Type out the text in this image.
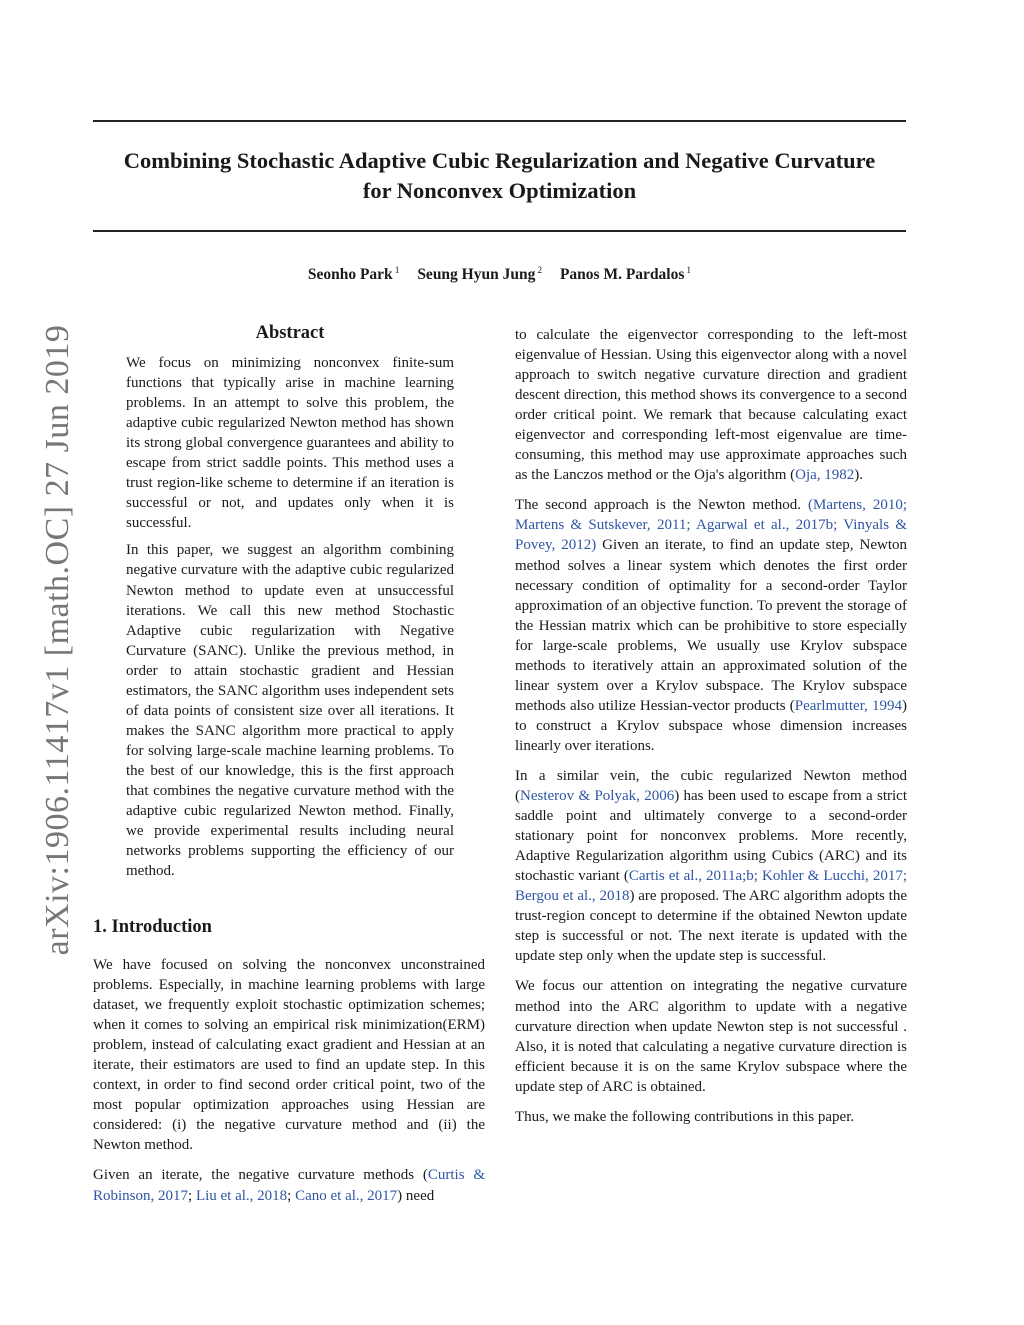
Combining Stochastic Adaptive Cubic Regularization and Negative Curvature
for Nonconvex Optimization
Seonho Park $^1$ Seung Hyun Jung $^2$ Panos M. Pardalos $^1$
arXiv:1906.11417v1 [math.OC] 27 Jun 2019	Abstract

We focus on minimizing nonconvex finite-sum functions that typically arise in machine learning problems. In an attempt to solve this problem, the adaptive cubic regularized Newton method has shown its strong global convergence guarantees and ability to escape from strict saddle points. This method uses a trust region-like scheme to determine if an iteration is successful or not, and updates only when it is successful.

In this paper, we suggest an algorithm combining negative curvature with the adaptive cubic regularized Newton method to update even at unsuccessful iterations. We call this new method Stochastic Adaptive cubic regularization with Negative Curvature (SANC). Unlike the previous method, in order to attain stochastic gradient and Hessian estimators, the SANC algorithm uses independent sets of data points of consistent size over all iterations. It makes the SANC algorithm more practical to apply for solving large-scale machine learning problems. To the best of our knowledge, this is the first approach that combines the negative curvature method with the adaptive cubic regularized Newton method. Finally, we provide experimental results including neural networks problems supporting the efficiency of our method.

1. Introduction

We have focused on solving the nonconvex unconstrained problems. Especially, in machine learning problems with large dataset, we frequently exploit stochastic optimization schemes; when it comes to solving an empirical risk minimization(ERM) problem, instead of calculating exact gradient and Hessian at an iterate, their estimators are used to find an update step. In this context, in order to find second order critical point, two of the most popular optimization approaches using Hessian are considered: (i) the negative curvature method and (ii) the Newton method.

Given an iterate, the negative curvature methods (Curtis & Robinson, 2017; Liu et al., 2018; Cano et al., 2017) need

to calculate the eigenvector corresponding to the left-most eigenvalue of Hessian. Using this eigenvector along with a novel approach to switch negative curvature direction and gradient descent direction, this method shows its convergence to a second order critical point. We remark that because calculating exact eigenvector and corresponding left-most eigenvalue are time-consuming, this method may use approximate approaches such as the Lanczos method or the Oja's algorithm (Oja, 1982).

The second approach is the Newton method. (Martens, 2010; Martens & Sutskever, 2011; Agarwal et al., 2017b; Vinyals & Povey, 2012) Given an iterate, to find an update step, Newton method solves a linear system which denotes the first order necessary condition of optimality for a second-order Taylor approximation of an objective function. To prevent the storage of the Hessian matrix which can be prohibitive to store especially for large-scale problems, We usually use Krylov subspace methods to iteratively attain an approximated solution of the linear system over a Krylov subspace. The Krylov subspace methods also utilize Hessian-vector products (Pearlmutter, 1994) to construct a Krylov subspace whose dimension increases linearly over iterations.

In a similar vein, the cubic regularized Newton method (Nesterov & Polyak, 2006) has been used to escape from a strict saddle point and ultimately converge to a second-order stationary point for nonconvex problems. More recently, Adaptive Regularization algorithm using Cubics (ARC) and its stochastic variant (Cartis et al., 2011a;b; Kohler & Lucchi, 2017; Bergou et al., 2018) are proposed. The ARC algorithm adopts the trust-region concept to determine if the obtained Newton update step is successful or not. The next iterate is updated with the update step only when the update step is successful.

We focus our attention on integrating the negative curvature method into the ARC algorithm to update with a negative curvature direction when update Newton step is not successful . Also, it is noted that calculating a negative curvature direction is efficient because it is on the same Krylov subspace where the update step of ARC is obtained.

Thus, we make the following contributions in this paper.
